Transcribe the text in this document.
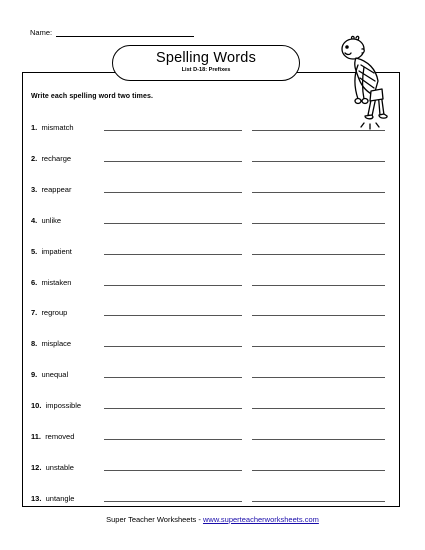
Name:
Spelling Words
List D-18: Prefixes
Write each spelling word two times.
1. mismatch
2. recharge
3. reappear
4. unlike
5. impatient
6. mistaken
7. regroup
8. misplace
9. unequal
10. impossible
11. removed
12. unstable
13. untangle
Super Teacher Worksheets - www.superteacherworksheets.com
